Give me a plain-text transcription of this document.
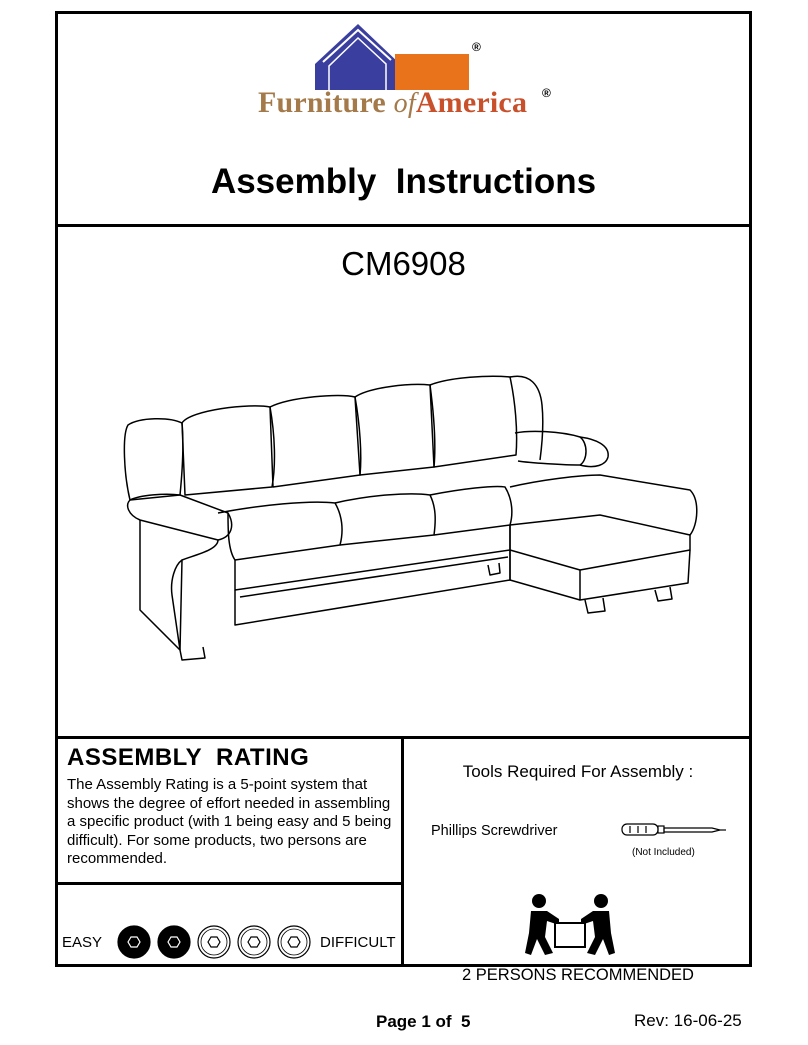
®
Furniture ofAmerica ®
Assembly  Instructions
CM6908
ASSEMBLY  RATING
The Assembly Rating is a 5-point system that shows the degree of effort needed in assembling a specific product (with 1 being easy and 5 being difficult). For some products, two persons are recommended.
EASY	DIFFICULT
Tools Required For Assembly :
Phillips Screwdriver
(Not Included)
2 PERSONS RECOMMENDED
Page 1 of  5	Rev: 16-06-25
